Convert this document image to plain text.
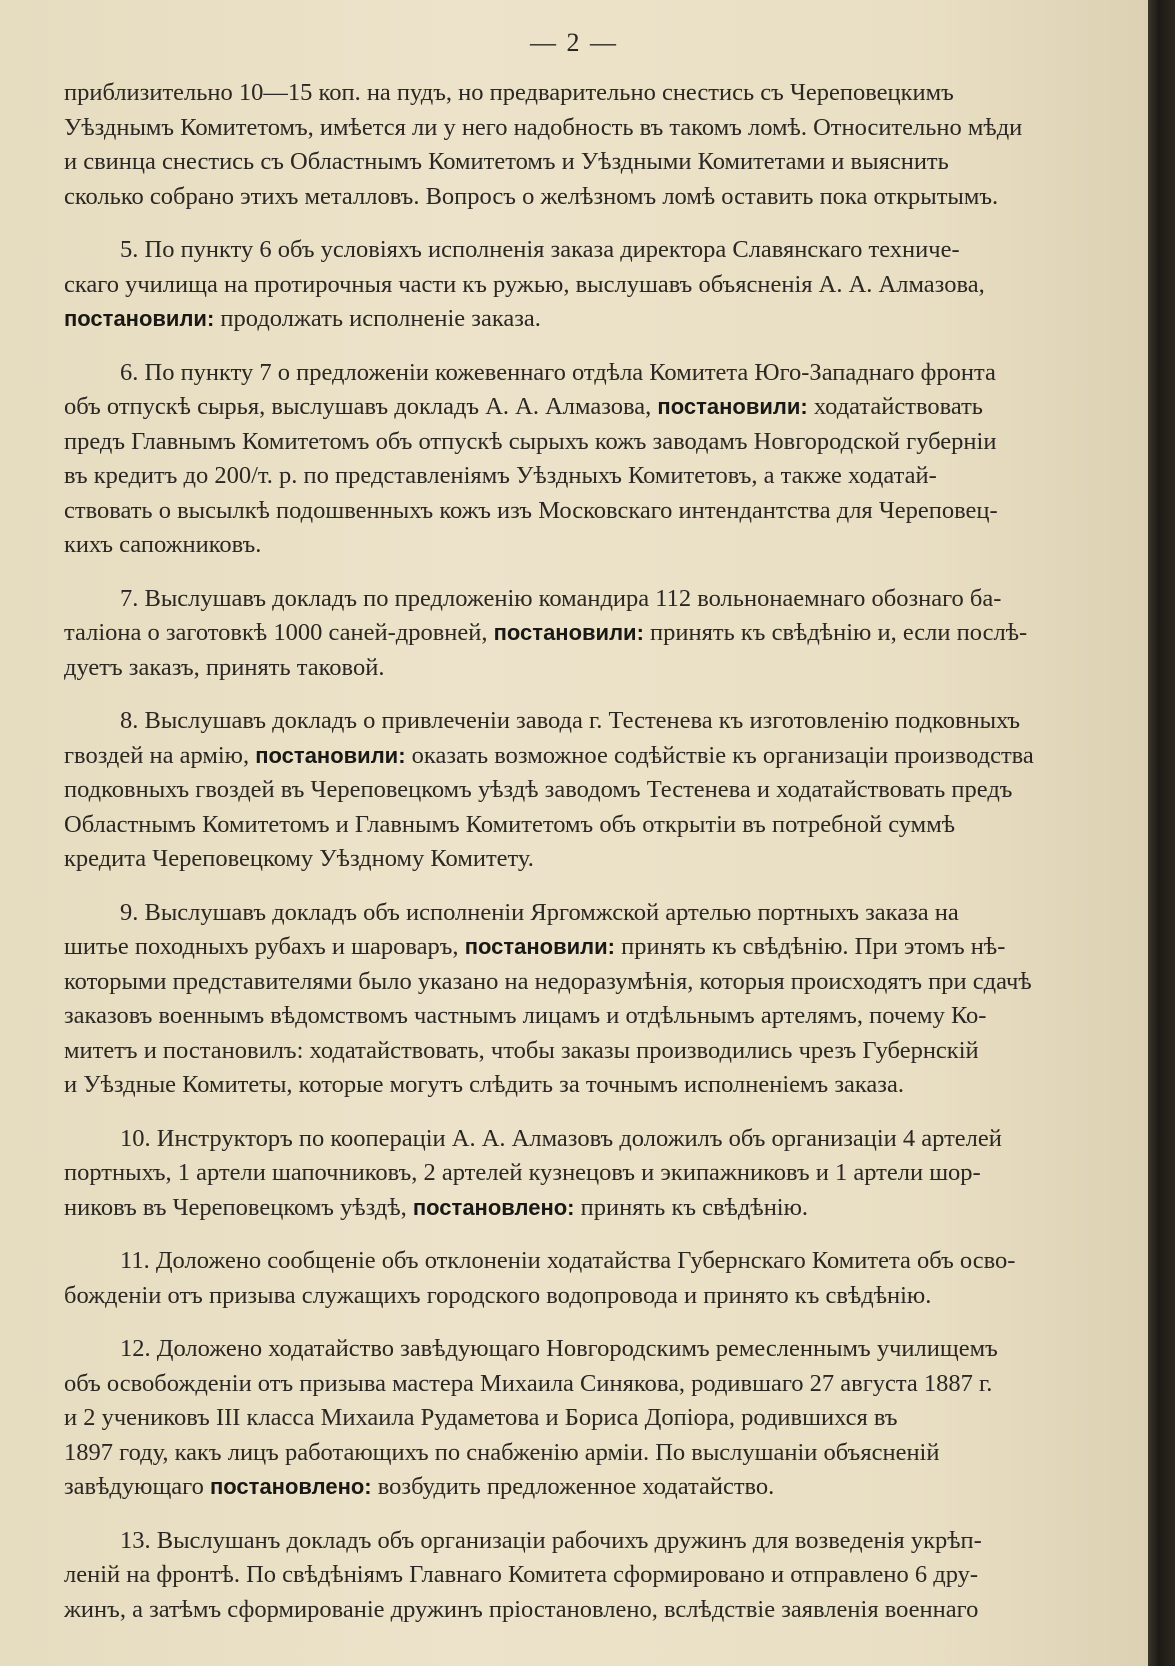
— 2 —
приблизительно 10—15 коп. на пудъ, но предварительно снестись съ Череповецкимъ
Уѣзднымъ Комитетомъ, имѣется ли у него надобность въ такомъ ломѣ. Относительно мѣди
и свинца снестись съ Областнымъ Комитетомъ и Уѣздными Комитетами и выяснить
сколько собрано этихъ металловъ. Вопросъ о желѣзномъ ломѣ оставить пока открытымъ.
5. По пункту 6 объ условіяхъ исполненія заказа директора Славянскаго техниче-
скаго училища на протирочныя части къ ружью, выслушавъ объясненія А. А. Алмазова,
постановили: продолжать исполненіе заказа.
6. По пункту 7 о предложеніи кожевеннаго отдѣла Комитета Юго-Западнаго фронта
объ отпускѣ сырья, выслушавъ докладъ А. А. Алмазова, постановили: ходатайствовать
предъ Главнымъ Комитетомъ объ отпускѣ сырыхъ кожъ заводамъ Новгородской губерніи
въ кредитъ до 200/т. р. по представленіямъ Уѣздныхъ Комитетовъ, а также ходатай-
ствовать о высылкѣ подошвенныхъ кожъ изъ Московскаго интендантства для Череповец-
кихъ сапожниковъ.
7. Выслушавъ докладъ по предложенію командира 112 вольнонаемнаго обознаго ба-
таліона о заготовкѣ 1000 саней-дровней, постановили: принять къ свѣдѣнію и, если послѣ-
дуетъ заказъ, принять таковой.
8. Выслушавъ докладъ о привлеченіи завода г. Тестенева къ изготовленію подковныхъ
гвоздей на армію, постановили: оказать возможное содѣйствіе къ организаціи производства
подковныхъ гвоздей въ Череповецкомъ уѣздѣ заводомъ Тестенева и ходатайствовать предъ
Областнымъ Комитетомъ и Главнымъ Комитетомъ объ открытіи въ потребной суммѣ
кредита Череповецкому Уѣздному Комитету.
9. Выслушавъ докладъ объ исполненіи Яргомжской артелью портныхъ заказа на
шитье походныхъ рубахъ и шароваръ, постановили: принять къ свѣдѣнію. При этомъ нѣ-
которыми представителями было указано на недоразумѣнія, которыя происходятъ при сдачѣ
заказовъ военнымъ вѣдомствомъ частнымъ лицамъ и отдѣльнымъ артелямъ, почему Ко-
митетъ и постановилъ: ходатайствовать, чтобы заказы производились чрезъ Губернскій
и Уѣздные Комитеты, которые могутъ слѣдить за точнымъ исполненіемъ заказа.
10. Инструкторъ по коопераціи А. А. Алмазовъ доложилъ объ организаціи 4 артелей
портныхъ, 1 артели шапочниковъ, 2 артелей кузнецовъ и экипажниковъ и 1 артели шор-
никовъ въ Череповецкомъ уѣздѣ, постановлено: принять къ свѣдѣнію.
11. Доложено сообщеніе объ отклоненіи ходатайства Губернскаго Комитета объ осво-
божденіи отъ призыва служащихъ городского водопровода и принято къ свѣдѣнію.
12. Доложено ходатайство завѣдующаго Новгородскимъ ремесленнымъ училищемъ
объ освобожденіи отъ призыва мастера Михаила Синякова, родившаго 27 августа 1887 г.
и 2 учениковъ III класса Михаила Рудаметова и Бориса Допіора, родившихся въ
1897 году, какъ лицъ работающихъ по снабженію арміи. По выслушаніи объясненій
завѣдующаго постановлено: возбудить предложенное ходатайство.
13. Выслушанъ докладъ объ организаціи рабочихъ дружинъ для возведенія укрѣп-
леній на фронтѣ. По свѣдѣніямъ Главнаго Комитета сформировано и отправлено 6 дру-
жинъ, а затѣмъ сформированіе дружинъ пріостановлено, вслѣдствіе заявленія военнаго
